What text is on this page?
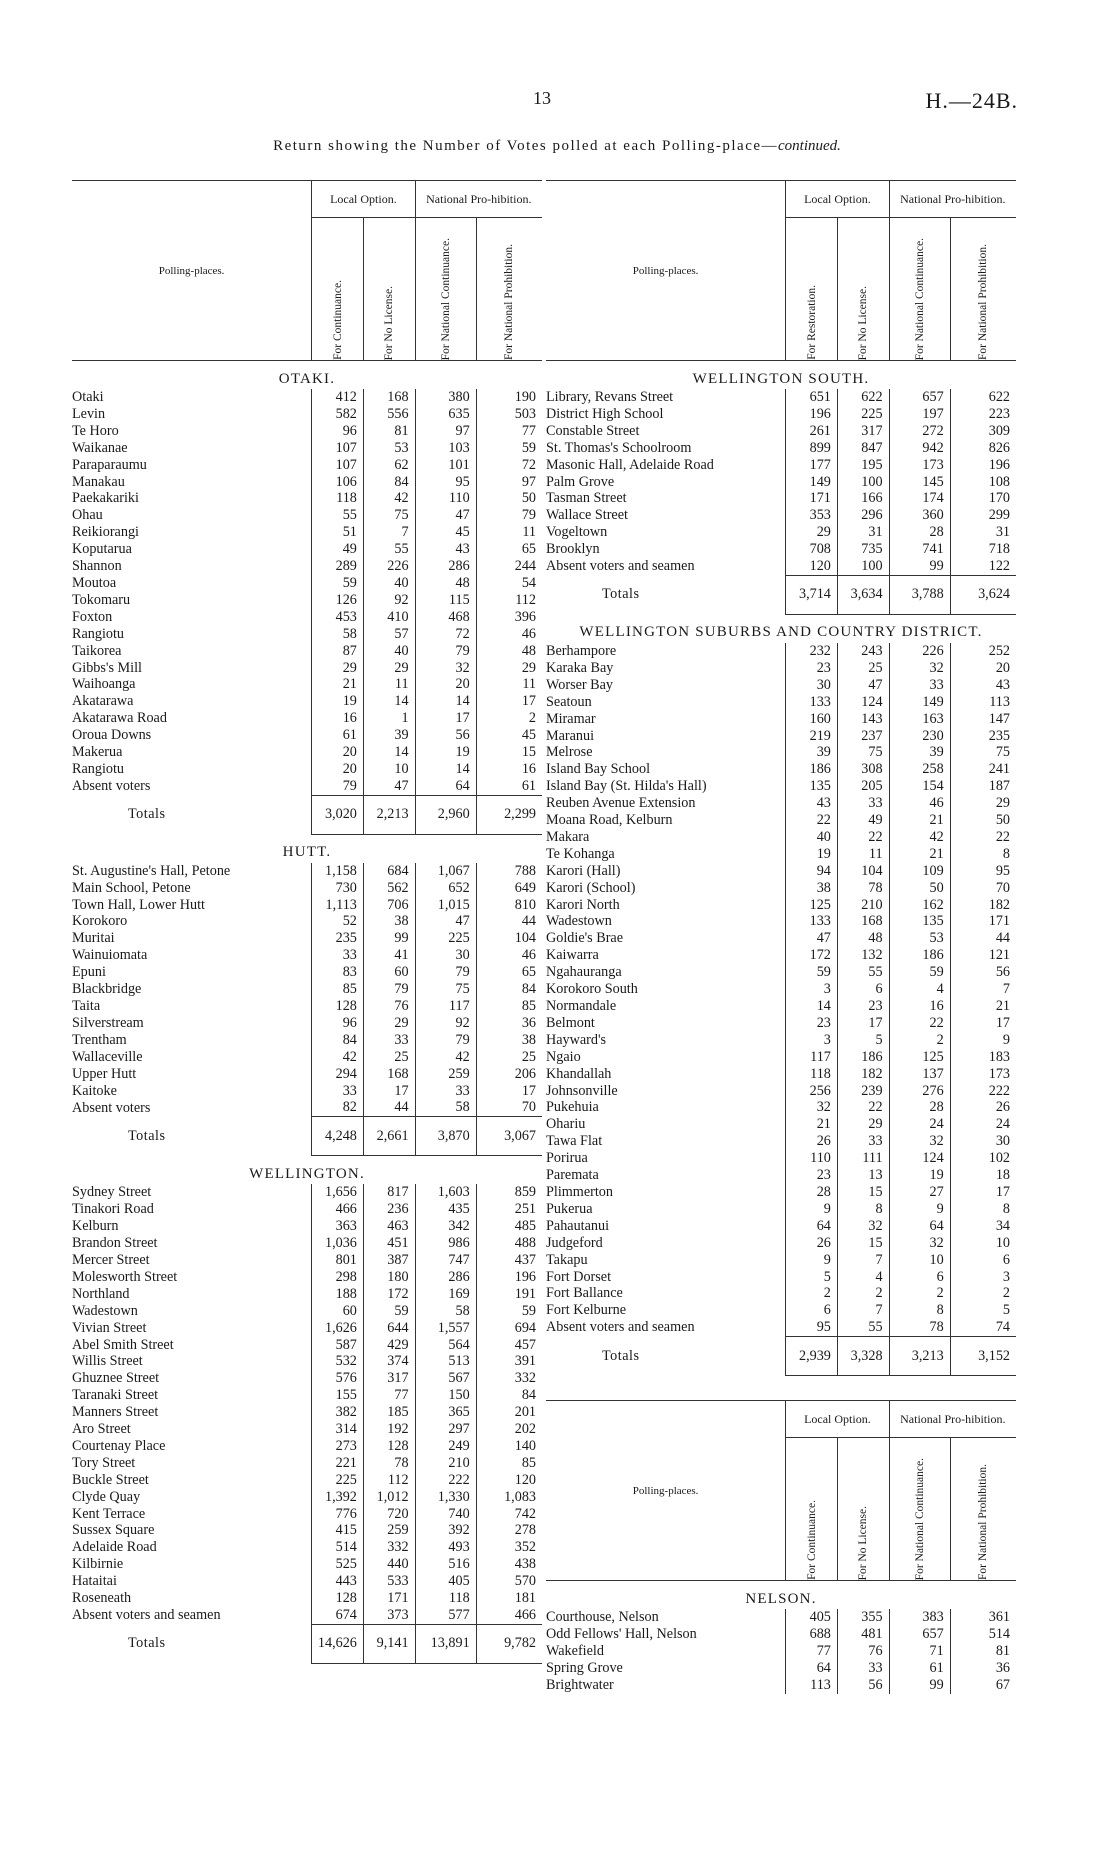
13	H.—24B.
Return showing the Number of Votes polled at each Polling-place—continued.
Polling-places.	Local Option.		National Pro-hibition.	

	For Continuance.	For No License.	For National Continuance.	For National Prohibition.
OTAKI.				
Otaki	412	168	380	190
Levin	582	556	635	503
Te Horo	96	81	97	77
Waikanae	107	53	103	59
Paraparaumu	107	62	101	72
Manakau	106	84	95	97
Paekakariki	118	42	110	50
Ohau	55	75	47	79
Reikiorangi	51	7	45	11
Koputarua	49	55	43	65
Shannon	289	226	286	244
Moutoa	59	40	48	54
Tokomaru	126	92	115	112
Foxton	453	410	468	396
Rangiotu	58	57	72	46
Taikorea	87	40	79	48
Gibbs's Mill	29	29	32	29
Waihoanga	21	11	20	11
Akatarawa	19	14	14	17
Akatarawa Road	16	1	17	2
Oroua Downs	61	39	56	45
Makerua	20	14	19	15
Rangiotu	20	10	14	16
Absent voters	79	47	64	61
Totals	3,020	2,213	2,960	2,299
HUTT.				
St. Augustine's Hall, Petone	1,158	684	1,067	788
Main School, Petone	730	562	652	649
Town Hall, Lower Hutt	1,113	706	1,015	810
Korokoro	52	38	47	44
Muritai	235	99	225	104
Wainuiomata	33	41	30	46
Epuni	83	60	79	65
Blackbridge	85	79	75	84
Taita	128	76	117	85
Silverstream	96	29	92	36
Trentham	84	33	79	38
Wallaceville	42	25	42	25
Upper Hutt	294	168	259	206
Kaitoke	33	17	33	17
Absent voters	82	44	58	70
Totals	4,248	2,661	3,870	3,067
WELLINGTON.				
Sydney Street	1,656	817	1,603	859
Tinakori Road	466	236	435	251
Kelburn	363	463	342	485
Brandon Street	1,036	451	986	488
Mercer Street	801	387	747	437
Molesworth Street	298	180	286	196
Northland	188	172	169	191
Wadestown	60	59	58	59
Vivian Street	1,626	644	1,557	694
Abel Smith Street	587	429	564	457
Willis Street	532	374	513	391
Ghuznee Street	576	317	567	332
Taranaki Street	155	77	150	84
Manners Street	382	185	365	201
Aro Street	314	192	297	202
Courtenay Place	273	128	249	140
Tory Street	221	78	210	85
Buckle Street	225	112	222	120
Clyde Quay	1,392	1,012	1,330	1,083
Kent Terrace	776	720	740	742
Sussex Square	415	259	392	278
Adelaide Road	514	332	493	352
Kilbirnie	525	440	516	438
Hataitai	443	533	405	570
Roseneath	128	171	118	181
Absent voters and seamen	674	373	577	466
Totals	14,626	9,141	13,891	9,782
Polling-places.	Local Option.		National Pro-hibition.	

	For Restoration.	For No License.	For National Continuance.	For National Prohibition.
WELLINGTON SOUTH.				
Library, Revans Street	651	622	657	622
District High School	196	225	197	223
Constable Street	261	317	272	309
St. Thomas's Schoolroom	899	847	942	826
Masonic Hall, Adelaide Road	177	195	173	196
Palm Grove	149	100	145	108
Tasman Street	171	166	174	170
Wallace Street	353	296	360	299
Vogeltown	29	31	28	31
Brooklyn	708	735	741	718
Absent voters and seamen	120	100	99	122
Totals	3,714	3,634	3,788	3,624
WELLINGTON SUBURBS AND COUNTRY DISTRICT.				
Berhampore	232	243	226	252
Karaka Bay	23	25	32	20
Worser Bay	30	47	33	43
Seatoun	133	124	149	113
Miramar	160	143	163	147
Maranui	219	237	230	235
Melrose	39	75	39	75
Island Bay School	186	308	258	241
Island Bay (St. Hilda's Hall)	135	205	154	187
Reuben Avenue Extension	43	33	46	29
Moana Road, Kelburn	22	49	21	50
Makara	40	22	42	22
Te Kohanga	19	11	21	8
Karori (Hall)	94	104	109	95
Karori (School)	38	78	50	70
Karori North	125	210	162	182
Wadestown	133	168	135	171
Goldie's Brae	47	48	53	44
Kaiwarra	172	132	186	121
Ngahauranga	59	55	59	56
Korokoro South	3	6	4	7
Normandale	14	23	16	21
Belmont	23	17	22	17
Hayward's	3	5	2	9
Ngaio	117	186	125	183
Khandallah	118	182	137	173
Johnsonville	256	239	276	222
Pukehuia	32	22	28	26
Ohariu	21	29	24	24
Tawa Flat	26	33	32	30
Porirua	110	111	124	102
Paremata	23	13	19	18
Plimmerton	28	15	27	17
Pukerua	9	8	9	8
Pahautanui	64	32	64	34
Judgeford	26	15	32	10
Takapu	9	7	10	6
Fort Dorset	5	4	6	3
Fort Ballance	2	2	2	2
Fort Kelburne	6	7	8	5
Absent voters and seamen	95	55	78	74
Totals	2,939	3,328	3,213	3,152
Polling-places.	Local Option.		National Pro-hibition.	

	For Continuance.	For No License.	For National Continuance.	For National Prohibition.
NELSON.				
Courthouse, Nelson	405	355	383	361
Odd Fellows' Hall, Nelson	688	481	657	514
Wakefield	77	76	71	81
Spring Grove	64	33	61	36
Brightwater	113	56	99	67
